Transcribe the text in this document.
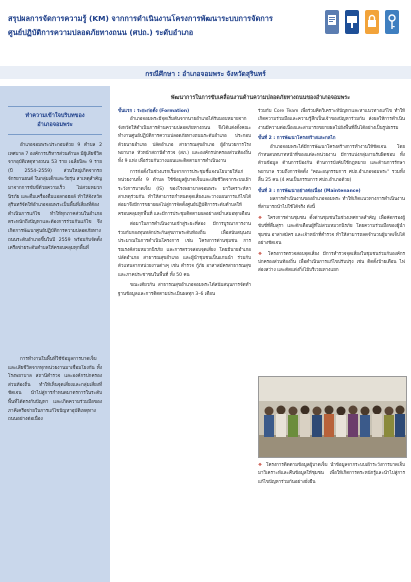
สรุปผลการจัดการความรู้ (KM) จากการดำเนินงานโครงการพัฒนาระบบการจัดการ
ศูนย์ปฏิบัติการความปลอดภัยทางถนน (ศปถ.) ระดับอำเภอ
กรณีศึกษา : อำเภอจอมพระ จังหวัดสุรินทร์
ทำความเข้าใจบริบทของ
อำเภอจอมพระ
อำเภอจอมพระประกอบด้วย 9 ตำบล 2 เทศบาล 7 องค์การบริหารส่วนตำบล มีผู้เสียชีวิตจากอุบัติเหตุทางถนน 53 ราย เฉลี่ยปีละ 9 ราย (ปี 2554–2559) ส่วนใหญ่เกิดจากรถจักรยานยนต์ ในกลุ่มเด็กและวัยรุ่น สาเหตุสำคัญมาจากการขับขี่ด้วยความเร็ว ไม่สวมหมวกนิรภัย และดื่มเครื่องดื่มแอลกอฮอล์ ทำให้จังหวัดสุรินทร์จัดให้อำเภอจอมพระเป็นพื้นที่เสี่ยงที่ต้องดำเนินการแก้ไข ทำให้ทุกภาคส่วนในอำเภอตระหนักถึงปัญหาและต้องการร่วมกันแก้ไข จึงเกิดการพัฒนาศูนย์ปฏิบัติการความปลอดภัยทางถนนระดับอำเภอขึ้นในปี 2559 พร้อมกับจัดตั้งเครือข่ายระดับตำบลให้ครอบคลุมทุกพื้นที่
การทำงานในพื้นที่ใช้ข้อมูลการบาดเจ็บและเสียชีวิตจากทุกหน่วยงานมาเชื่อมโยงกัน ทั้งโรงพยาบาล สถานีตำรวจ และองค์กรปกครองส่วนท้องถิ่น ทำให้เห็นจุดเสี่ยงและกลุ่มเสี่ยงที่ชัดเจน นำไปสู่การกำหนดมาตรการในระดับพื้นที่ได้ตรงกับปัญหา และเกิดความร่วมมือของภาคีเครือข่ายในการแก้ไขปัญหาอุบัติเหตุทางถนนอย่างต่อเนื่อง
พัฒนาการในการขับเคลื่อนงานด้านความปลอดภัยทางถนนของอำเภอจอมพระ
ขั้นแรก : ระยะก่อตั้ง (Formation)
อำเภอจอมพระมีจุดเริ่มต้นจากนายอำเภอได้รับมอบหมายจากจังหวัดให้ดำเนินการด้านความปลอดภัยทางถนน จึงได้แต่งตั้งคณะทำงานศูนย์ปฏิบัติการความปลอดภัยทางถนนระดับอำเภอ ประกอบด้วยนายอำเภอ ปลัดอำเภอ สาธารณสุขอำเภอ ผู้อำนวยการโรงพยาบาล หัวหน้าสถานีตำรวจ (สภ.) และองค์กรปกครองส่วนท้องถิ่นทั้ง 9 แห่ง เพื่อร่วมกันวางแผนและติดตามการดำเนินงาน
การก่อตั้งในช่วงแรกเริ่มจากการประชุมชี้แจงนโยบายให้แก่หน่วยงานทั้ง 9 ตำบล ใช้ข้อมูลผู้บาดเจ็บและเสียชีวิตจากระบบเฝ้าระวังการบาดเจ็บ (IS) ของโรงพยาบาลจอมพระ มาวิเคราะห์หาสาเหตุร่วมกัน ทำให้สามารถกำหนดจุดเสี่ยงและวางแผนการแก้ไขได้ ต่อมาจึงมีการขยายผลไปสู่การจัดตั้งศูนย์ปฏิบัติการระดับตำบลให้ครอบคลุมทุกพื้นที่ และมีการประชุมติดตามผลอย่างสม่ำเสมอทุกเดือน
ต่อมาในการดำเนินงานเข้าสู่ระยะที่สอง มีการบูรณาการงานร่วมกับกองทุนหลักประกันสุขภาพระดับท้องถิ่น เพื่อสนับสนุนงบประมาณในการดำเนินโครงการ เช่น โครงการด่านชุมชน การรณรงค์สวมหมวกนิรภัย และการตรวจสอบจุดเสี่ยง โดยมีนายอำเภอ ปลัดอำเภอ สาธารณสุขอำเภอ และผู้นำชุมชนเป็นแกนนำ ร่วมกับตัวแทนจากหน่วยงานต่างๆ เช่น ตำรวจ กู้ภัย อาสาสมัครสาธารณสุข และภาคประชาชนในพื้นที่ ทั้ง 50 คน
ขณะเดียวกัน สาธารณสุขอำเภอจอมพระได้สนับสนุนการจัดทำฐานข้อมูลและการติดตามประเมินผลทุก 3–6 เดือน
ร่วมกับ Core Team เพื่อร่วมคิดวิเคราะห์ปัญหาและหาแนวทางแก้ไข ทำให้เกิดความร่วมมือและความรู้สึกเป็นเจ้าของปัญหาร่วมกัน ส่งผลให้การดำเนินงานมีความต่อเนื่องและสามารถขยายผลไปยังพื้นที่อื่นได้อย่างเป็นรูปธรรม
ขั้นที่ 2 : การพัฒนาโครงสร้างและกลไก
อำเภอจอมพระได้มีการพัฒนาโครงสร้างการทำงานให้ชัดเจน โดยกำหนดบทบาทหน้าที่ของแต่ละหน่วยงาน มีการแบ่งกลุ่มงานรับผิดชอบ ทั้งด้านข้อมูล ด้านการป้องกัน ด้านการบังคับใช้กฎหมาย และด้านการรักษาพยาบาล รวมถึงการจัดตั้ง "คณะอนุกรรมการ ศปถ.อำเภอจอมพระ" รวมทั้งสิ้น 25 คน (4 คนเป็นกรรมการ ศปถ.อำเภอด้วย)
ขั้นที่ 3 : การพัฒนาอย่างต่อเนื่อง (Maintenance)
ผลการดำเนินงานของอำเภอจอมพระ ทำให้เกิดแนวทางการดำเนินงานที่สามารถนำไปใช้ได้จริง ดังนี้
❖ โครงการด่านชุมชน ตั้งด่านชุมชนในช่วงเทศกาลสำคัญ เพื่อคัดกรองผู้ขับขี่ที่ดื่มสุรา และตักเตือนผู้ที่ไม่สวมหมวกนิรภัย โดยความร่วมมือของผู้นำชุมชน อาสาสมัคร และเจ้าหน้าที่ตำรวจ ทำให้สามารถลดจำนวนผู้บาดเจ็บได้อย่างชัดเจน
❖ โครงการตรวจสอบจุดเสี่ยง มีการสำรวจจุดเสี่ยงในชุมชนร่วมกับองค์กรปกครองส่วนท้องถิ่น เพื่อดำเนินการแก้ไขปรับปรุง เช่น ติดตั้งป้ายเตือน ไฟส่องสว่าง และตัดแต่งกิ่งไม้บริเวณทางแยก
❖ โครงการติดตามข้อมูลผู้บาดเจ็บ นำข้อมูลจากระบบเฝ้าระวังการบาดเจ็บมาวิเคราะห์และคืนข้อมูลให้ชุมชน เพื่อให้เกิดการตระหนักรู้และนำไปสู่การแก้ไขปัญหาร่วมกันอย่างยั่งยืน
